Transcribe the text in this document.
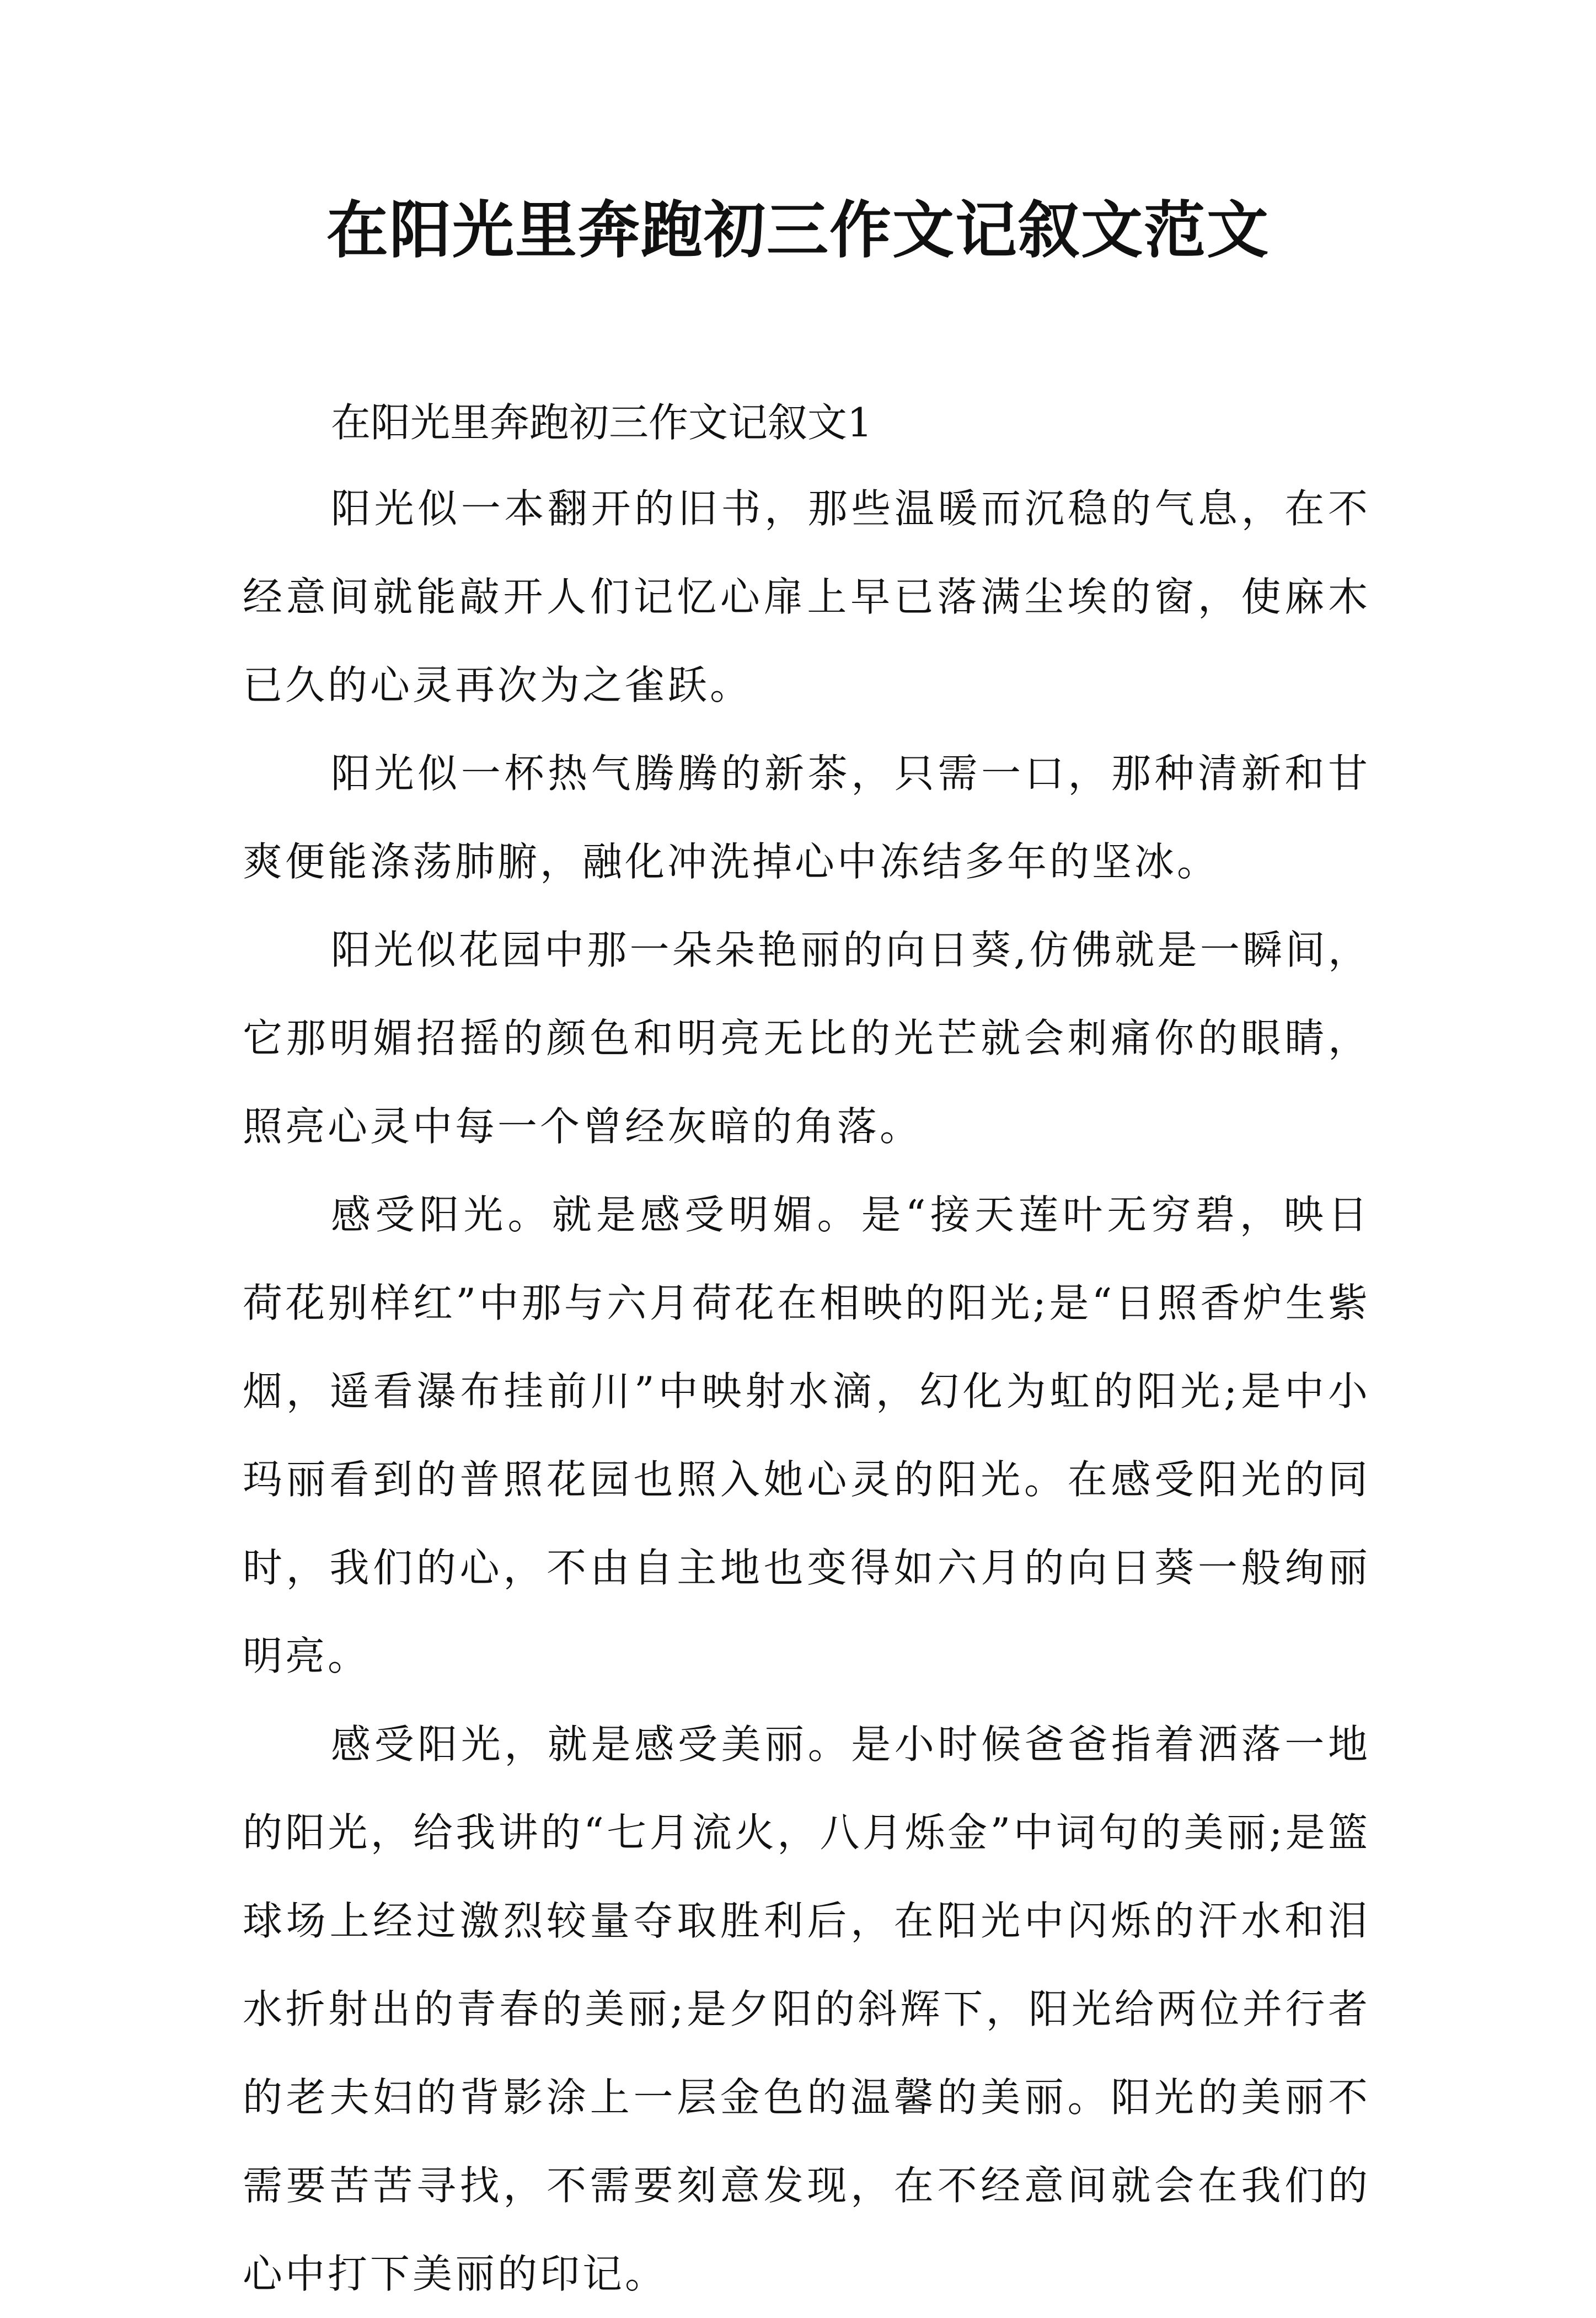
在阳光里奔跑初三作文记叙文范文

在阳光里奔跑初三作文记叙文1

阳光似一本翻开的旧书，那些温暖而沉稳的气息，在不经意间就能敲开人们记忆心扉上早已落满尘埃的窗，使麻木已久的心灵再次为之雀跃。

阳光似一杯热气腾腾的新茶，只需一口，那种清新和甘爽便能涤荡肺腑，融化冲洗掉心中冻结多年的坚冰。

阳光似花园中那一朵朵艳丽的向日葵,仿佛就是一瞬间，它那明媚招摇的颜色和明亮无比的光芒就会刺痛你的眼睛，照亮心灵中每一个曾经灰暗的角落。

感受阳光。就是感受明媚。是“接天莲叶无穷碧，映日荷花别样红”中那与六月荷花在相映的阳光;是“日照香炉生紫烟，遥看瀑布挂前川”中映射水滴，幻化为虹的阳光;是中小玛丽看到的普照花园也照入她心灵的阳光。在感受阳光的同时，我们的心，不由自主地也变得如六月的向日葵一般绚丽明亮。

感受阳光，就是感受美丽。是小时候爸爸指着洒落一地的阳光，给我讲的“七月流火，八月烁金”中词句的美丽;是篮球场上经过激烈较量夺取胜利后，在阳光中闪烁的汗水和泪水折射出的青春的美丽;是夕阳的斜辉下，阳光给两位并行者的老夫妇的背影涂上一层金色的温馨的美丽。阳光的美丽不需要苦苦寻找，不需要刻意发现，在不经意间就会在我们的心中打下美丽的印记。
